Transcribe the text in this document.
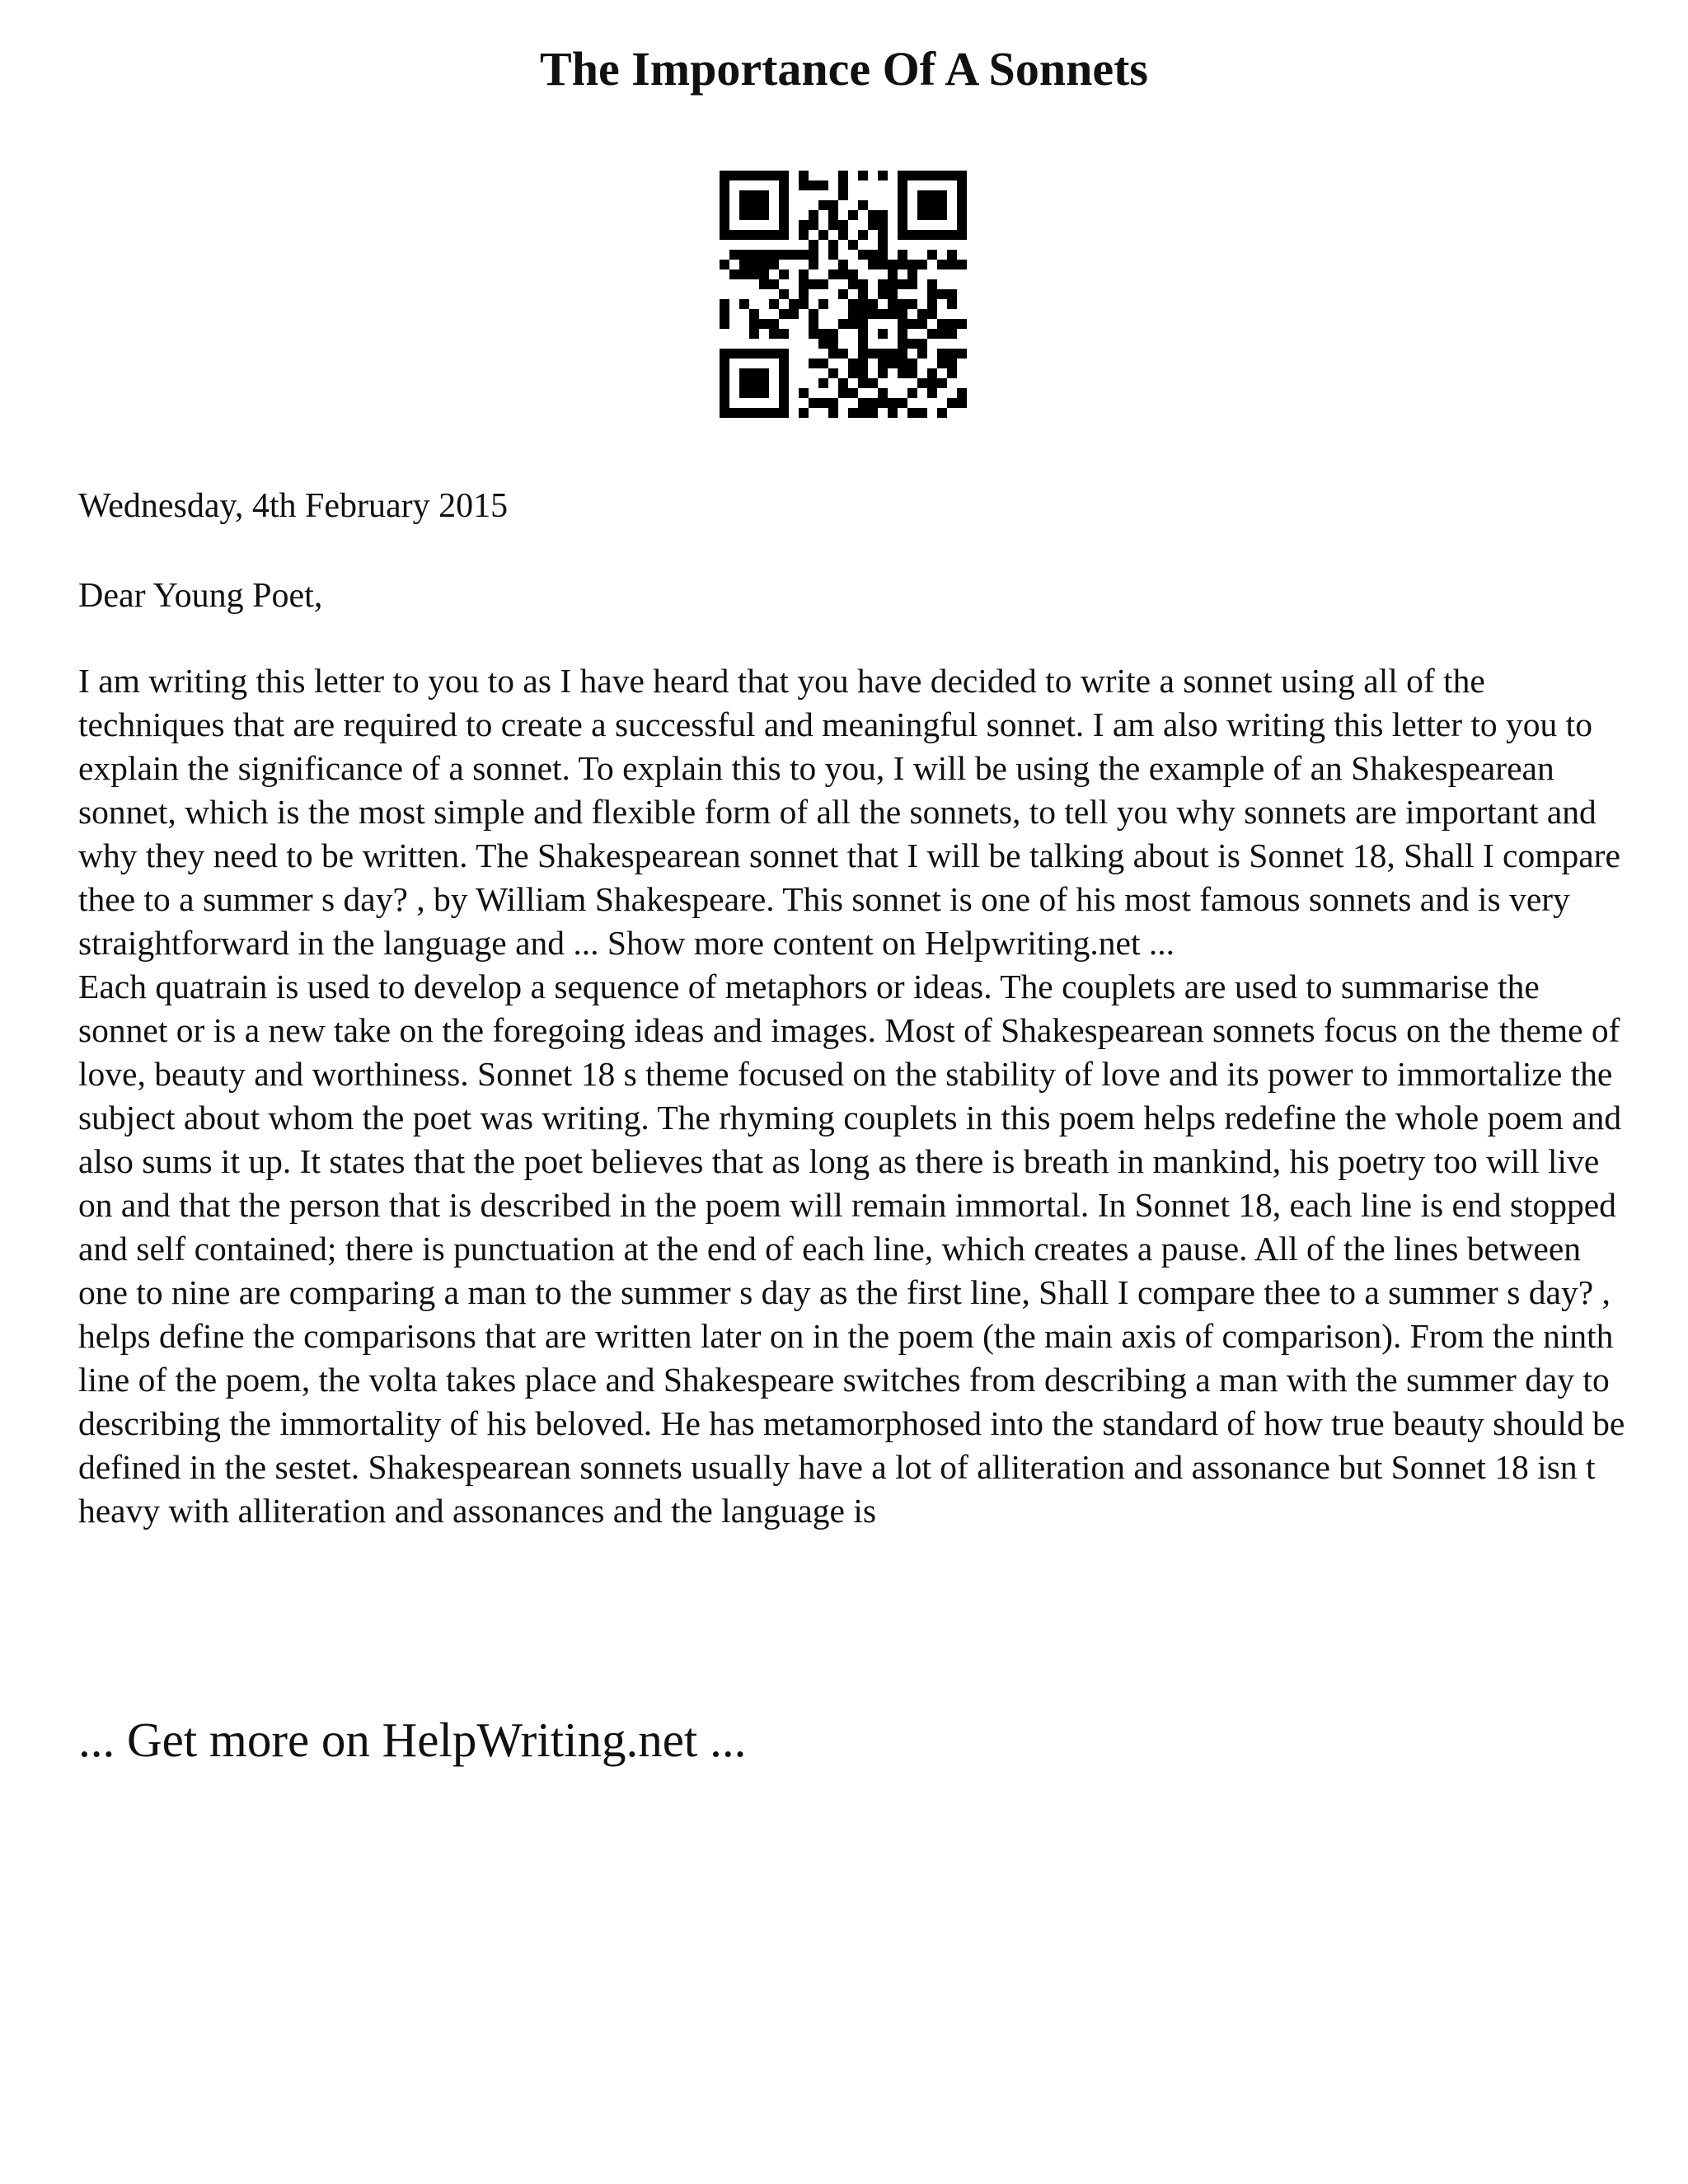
The Importance Of A Sonnets
Wednesday, 4th February 2015
Dear Young Poet,

I am writing this letter to you to as I have heard that you have decided to write a sonnet using all of the techniques that are required to create a successful and meaningful sonnet. I am also writing this letter to you to explain the significance of a sonnet. To explain this to you, I will be using the example of an Shakespearean sonnet, which is the most simple and flexible form of all the sonnets, to tell you why sonnets are important and why they need to be written. The Shakespearean sonnet that I will be talking about is Sonnet 18, Shall I compare thee to a summer s day? , by William Shakespeare. This sonnet is one of his most famous sonnets and is very straightforward in the language and ... Show more content on Helpwriting.net ...

Each quatrain is used to develop a sequence of metaphors or ideas. The couplets are used to summarise the sonnet or is a new take on the foregoing ideas and images. Most of Shakespearean sonnets focus on the theme of love, beauty and worthiness. Sonnet 18 s theme focused on the stability of love and its power to immortalize the subject about whom the poet was writing. The rhyming couplets in this poem helps redefine the whole poem and also sums it up. It states that the poet believes that as long as there is breath in mankind, his poetry too will live on and that the person that is described in the poem will remain immortal. In Sonnet 18, each line is end stopped and self contained; there is punctuation at the end of each line, which creates a pause. All of the lines between one to nine are comparing a man to the summer s day as the first line, Shall I compare thee to a summer s day? , helps define the comparisons that are written later on in the poem (the main axis of comparison). From the ninth line of the poem, the volta takes place and Shakespeare switches from describing a man with the summer day to describing the immortality of his beloved. He has metamorphosed into the standard of how true beauty should be defined in the sestet. Shakespearean sonnets usually have a lot of alliteration and assonance but Sonnet 18 isn t heavy with alliteration and assonances and the language is

... Get more on HelpWriting.net ...
